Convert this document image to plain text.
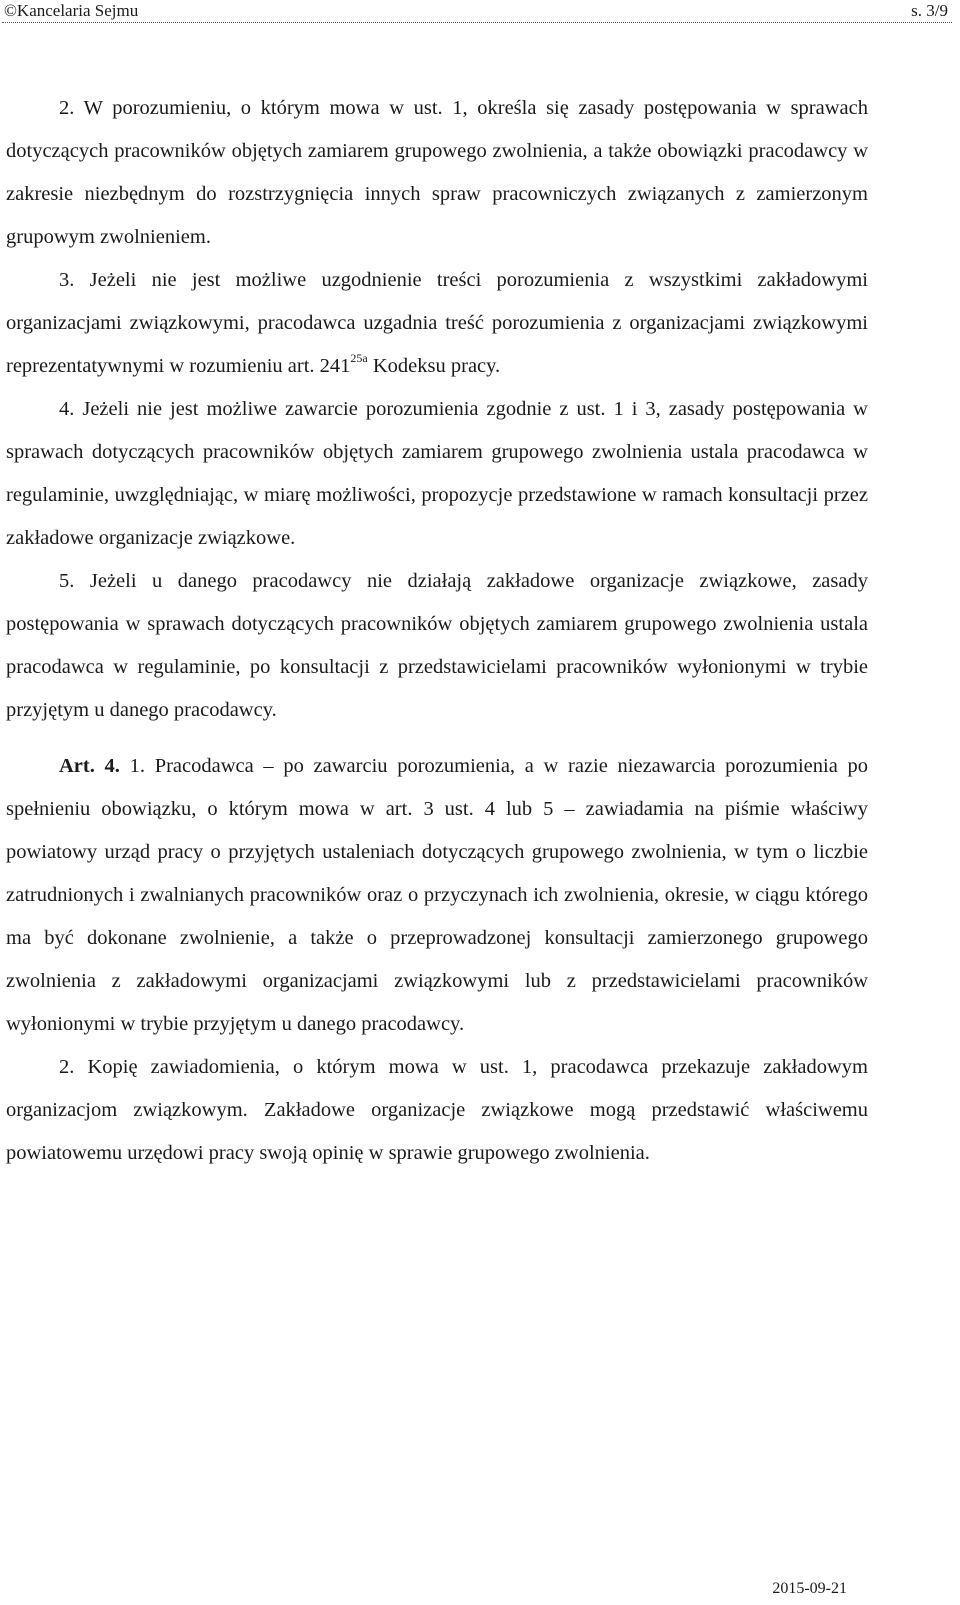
©Kancelaria Sejmu	s. 3/9

2. W porozumieniu, o którym mowa w ust. 1, określa się zasady postępowania w sprawach dotyczących pracowników objętych zamiarem grupowego zwolnienia, a także obowiązki pracodawcy w zakresie niezbędnym do rozstrzygnięcia innych spraw pracowniczych związanych z zamierzonym grupowym zwolnieniem.

3. Jeżeli nie jest możliwe uzgodnienie treści porozumienia z wszystkimi zakładowymi organizacjami związkowymi, pracodawca uzgadnia treść porozumienia z organizacjami związkowymi reprezentatywnymi w rozumieniu art. $241^{25a}$ Kodeksu pracy.

4. Jeżeli nie jest możliwe zawarcie porozumienia zgodnie z ust. 1 i 3, zasady postępowania w sprawach dotyczących pracowników objętych zamiarem grupowego zwolnienia ustala pracodawca w regulaminie, uwzględniając, w miarę możliwości, propozycje przedstawione w ramach konsultacji przez zakładowe organizacje związkowe.

5. Jeżeli u danego pracodawcy nie działają zakładowe organizacje związkowe, zasady postępowania w sprawach dotyczących pracowników objętych zamiarem grupowego zwolnienia ustala pracodawca w regulaminie, po konsultacji z przedstawicielami pracowników wyłonionymi w trybie przyjętym u danego pracodawcy.

Art. 4. 1. Pracodawca – po zawarciu porozumienia, a w razie niezawarcia porozumienia po spełnieniu obowiązku, o którym mowa w art. 3 ust. 4 lub 5 – zawiadamia na piśmie właściwy powiatowy urząd pracy o przyjętych ustaleniach dotyczących grupowego zwolnienia, w tym o liczbie zatrudnionych i zwalnianych pracowników oraz o przyczynach ich zwolnienia, okresie, w ciągu którego ma być dokonane zwolnienie, a także o przeprowadzonej konsultacji zamierzonego grupowego zwolnienia z zakładowymi organizacjami związkowymi lub z przedstawicielami pracowników wyłonionymi w trybie przyjętym u danego pracodawcy.

2. Kopię zawiadomienia, o którym mowa w ust. 1, pracodawca przekazuje zakładowym organizacjom związkowym. Zakładowe organizacje związkowe mogą przedstawić właściwemu powiatowemu urzędowi pracy swoją opinię w sprawie grupowego zwolnienia.

2015-09-21
